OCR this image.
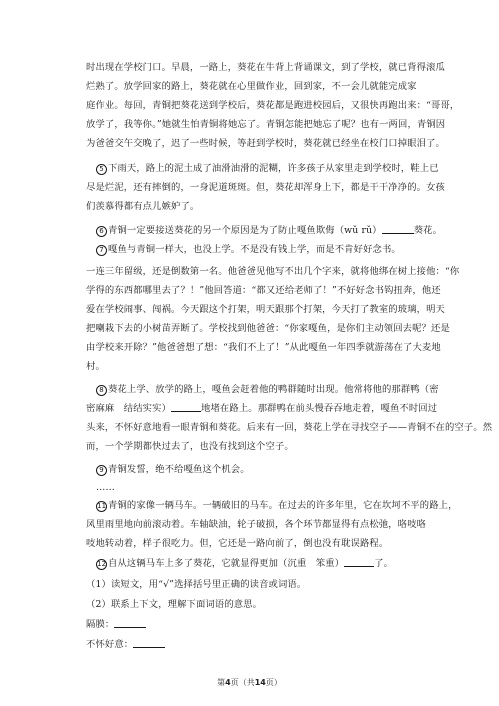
时出现在学校门口。早晨，一路上，葵花在牛背上背诵课文，到了学校，就已背得滚瓜
烂熟了。放学回家的路上，葵花就在心里做作业，回到家，不一会儿就能完成家
庭作业。每回，青铜把葵花送到学校后，葵花都是跑进校园后，又很快再跑出来：“哥哥，
放学了，我等你。”她就生怕青铜将她忘了。青铜怎能把她忘了呢？也有一两回，青铜因
为爸爸交午交晚了，迟了一些时候，等赶到学校时，葵花就已经坐在校门口掉眼泪了。
5 下雨天，路上的泥土成了油滑油滑的泥糊，许多孩子从家里走到学校时，鞋上已
尽是烂泥，还有摔倒的，一身泥道斑斑。但，葵花却浑身上下，都是干干净净的。女孩
们羡慕得都有点儿嫉妒了。
6 青铜一定要接送葵花的另一个原因是为了防止嘎鱼欺侮（wǔ rǔ）	葵花。
7 嘎鱼与青铜一样大，也没上学。不是没有钱上学，而是不肯好好念书。
一连三年留级，还是倒数第一名。他爸爸见他写不出几个字来，就将他绑在树上接他：“你
学得的东西都哪里去了？！”他回答道：“都又还给老师了！”不好好念书钩扭奔，他还
爱在学校闹事、闯祸。今天跟这个打架，明天跟那个打架，今天打了教室的玻璃，明天
把喇栽下去的小树苗弄断了。学校找到他爸爸：“你家嘎鱼，是你们主动领回去呢？还是
由学校来开除？”他爸爸想了想：“我们不上了！”从此嘎鱼一年四季就游荡在了大麦地
村。
8 葵花上学、放学的路上，嘎鱼会赶着他的鸭群随时出现。他常将他的那群鸭（密
密麻麻　结结实实）	地堵在路上。那群鸭在前头慢吞吞地走着，嘎鱼不时回过
头来，不怀好意地看一眼青铜和葵花。后来有一回，葵花上学在寻找空子——青铜不在的空子。然
而，一个学期都快过去了，也没有找到这个空子。
9 青铜发誓，绝不给嘎鱼这个机会。
……
11 青铜的家像一辆马车。一辆破旧的马车。在过去的许多年里，它在坎坷不平的路上，
风里雨里地向前滚动着。车轴缺油，轮子破损，各个环节都显得有点松弛，咯吱咯
吱地转动着，样子很吃力。但，它还是一路向前了，倒也没有耽误路程。
12 自从这辆马车上多了葵花，它就显得更加（沉重　笨重）	了。
（1）读短文，用“√”选择括号里正确的读音或词语。
（2）联系上下文，理解下面词语的意思。
隔膜：
不怀好意：
第4页（共14页）
